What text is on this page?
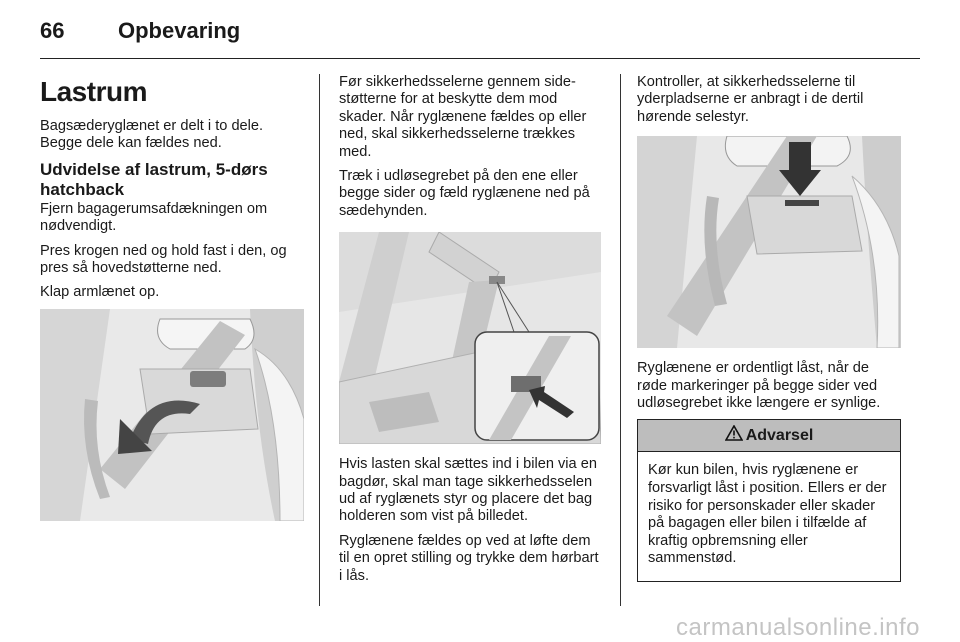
66 Opbevaring
Lastrum

Bagsæderyglænet er delt i to dele. Begge dele kan fældes ned.

Udvidelse af lastrum, 5-dørs hatchback

Fjern bagagerumsafdækningen om nødvendigt.

Pres krogen ned og hold fast i den, og pres så hovedstøtterne ned.

Klap armlænet op.

Før sikkerhedsselerne gennem sidestøtterne for at beskytte dem mod skader. Når ryglænene fældes op eller ned, skal sikkerhedsselerne trækkes med.

Træk i udløsegrebet på den ene eller begge sider og fæld ryglænene ned på sædehynden.

Hvis lasten skal sættes ind i bilen via en bagdør, skal man tage sikkerhedsselen ud af ryglænets styr og placere det bag holderen som vist på billedet.

Ryglænene fældes op ved at løfte dem til en opret stilling og trykke dem hørbart i lås.

Kontroller, at sikkerhedsselerne til yderpladserne er anbragt i de dertil hørende selestyr.

Ryglænene er ordentligt låst, når de røde markeringer på begge sider ved udløsegrebet ikke længere er synlige.

Advarsel

Kør kun bilen, hvis ryglænene er forsvarligt låst i position. Ellers er der risiko for personskader eller skader på bagagen eller bilen i tilfælde af kraftig opbremsning eller sammenstød.

carmanualsonline.info
